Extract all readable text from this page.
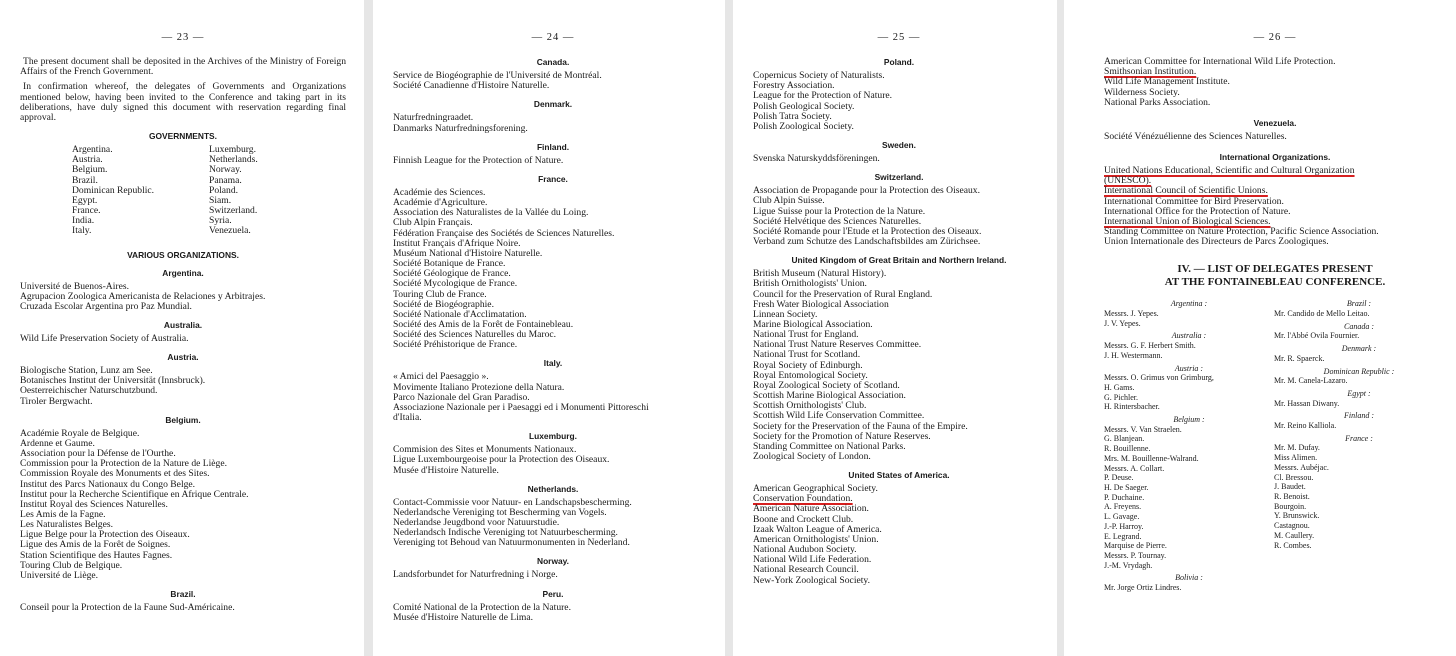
— 23 —
The present document shall be deposited in the Archives of the Ministry of Foreign Affairs of the French Government.
In confirmation whereof, the delegates of Governments and Organizations mentioned below, having been invited to the Conference and taking part in its deliberations, have duly signed this document with reservation regarding final approval.
GOVERNMENTS.
Argentina.
Austria.
Belgium.
Brazil.
Dominican Republic.
Egypt.
France.
India.
Italy.
Luxemburg.
Netherlands.
Norway.
Panama.
Poland.
Siam.
Switzerland.
Syria.
Venezuela.
VARIOUS ORGANIZATIONS.
Argentina.
Université de Buenos-Aires.
Agrupacion Zoologica Americanista de Relaciones y Arbitrajes.
Cruzada Escolar Argentina pro Paz Mundial.
Australia.
Wild Life Preservation Society of Australia.
Austria.
Biologische Station, Lunz am See.
Botanisches Institut der Universität (Innsbruck).
Oesterreichischer Naturschutzbund.
Tiroler Bergwacht.
Belgium.
Académie Royale de Belgique.
Ardenne et Gaume.
Association pour la Défense de l'Ourthe.
Commission pour la Protection de la Nature de Liège.
Commission Royale des Monuments et des Sites.
Institut des Parcs Nationaux du Congo Belge.
Institut pour la Recherche Scientifique en Afrique Centrale.
Institut Royal des Sciences Naturelles.
Les Amis de la Fagne.
Les Naturalistes Belges.
Ligue Belge pour la Protection des Oiseaux.
Ligue des Amis de la Forêt de Soignes.
Station Scientifique des Hautes Fagnes.
Touring Club de Belgique.
Université de Liège.
Brazil.
Conseil pour la Protection de la Faune Sud-Américaine.
— 24 —
Canada.
Service de Biogéographie de l'Université de Montréal.
Société Canadienne d'Histoire Naturelle.
Denmark.
Naturfredningraadet.
Danmarks Naturfredningsforening.
Finland.
Finnish League for the Protection of Nature.
France.
Académie des Sciences.
Académie d'Agriculture.
Association des Naturalistes de la Vallée du Loing.
Club Alpin Français.
Fédération Française des Sociétés de Sciences Naturelles.
Institut Français d'Afrique Noire.
Muséum National d'Histoire Naturelle.
Société Botanique de France.
Société Géologique de France.
Société Mycologique de France.
Touring Club de France.
Société de Biogéographie.
Société Nationale d'Acclimatation.
Société des Amis de la Forêt de Fontainebleau.
Société des Sciences Naturelles du Maroc.
Société Préhistorique de France.
Italy.
« Amici del Paesaggio ».
Movimente Italiano Protezione della Natura.
Parco Nazionale del Gran Paradiso.
Associazione Nazionale per i Paesaggi ed i Monumenti Pittoreschi
d'Italia.
Luxemburg.
Commision des Sites et Monuments Nationaux.
Ligue Luxembourgeoise pour la Protection des Oiseaux.
Musée d'Histoire Naturelle.
Netherlands.
Contact-Commissie voor Natuur- en Landschapsbescherming.
Nederlandsche Vereniging tot Bescherming van Vogels.
Nederlandse Jeugdbond voor Natuurstudie.
Nederlandsch Indische Vereniging tot Natuurbescherming.
Vereniging tot Behoud van Natuurmonumenten in Nederland.
Norway.
Landsforbundet for Naturfredning i Norge.
Peru.
Comité National de la Protection de la Nature.
Musée d'Histoire Naturelle de Lima.
— 25 —
Poland.
Copernicus Society of Naturalists.
Forestry Association.
League for the Protection of Nature.
Polish Geological Society.
Polish Tatra Society.
Polish Zoological Society.
Sweden.
Svenska Naturskyddsföreningen.
Switzerland.
Association de Propagande pour la Protection des Oiseaux.
Club Alpin Suisse.
Ligue Suisse pour la Protection de la Nature.
Société Helvétique des Sciences Naturelles.
Société Romande pour l'Etude et la Protection des Oiseaux.
Verband zum Schutze des Landschaftsbildes am Zürichsee.
United Kingdom of Great Britain and Northern Ireland.
British Museum (Natural History).
British Ornithologists' Union.
Council for the Preservation of Rural England.
Fresh Water Biological Association
Linnean Society.
Marine Biological Association.
National Trust for England.
National Trust Nature Reserves Committee.
National Trust for Scotland.
Royal Society of Edinburgh.
Royal Entomological Society.
Royal Zoological Society of Scotland.
Scottish Marine Biological Association.
Scottish Ornithologists' Club.
Scottish Wild Life Conservation Committee.
Society for the Preservation of the Fauna of the Empire.
Society for the Promotion of Nature Reserves.
Standing Committee on National Parks.
Zoological Society of London.
United States of America.
American Geographical Society.
Conservation Foundation.
American Nature Association.
Boone and Crockett Club.
Izaak Walton League of America.
American Ornithologists' Union.
National Audubon Society.
National Wild Life Federation.
National Research Council.
New-York Zoological Society.
— 26 —
American Committee for International Wild Life Protection.
Smithsonian Institution.
Wild Life Management Institute.
Wilderness Society.
National Parks Association.
Venezuela.
Société Vénézuélienne des Sciences Naturelles.
International Organizations.
United Nations Educational, Scientific and Cultural Organization
(UNESCO).
International Council of Scientific Unions.
International Committee for Bird Preservation.
International Office for the Protection of Nature.
International Union of Biological Sciences.
Standing Committee on Nature Protection, Pacific Science Association.
Union Internationale des Directeurs de Parcs Zoologiques.
IV. — LIST OF DELEGATES PRESENT
AT THE FONTAINEBLEAU CONFERENCE.
Argentina :
Messrs. J. Yepes.
J. V. Yepes.
Australia :
Messrs. G. F. Herbert Smith.
J. H. Westermann.
Austria :
Messrs. O. Grimus von Grimburg,
H. Gams.
G. Pichler.
H. Rintersbacher.
Belgium :
Messrs. V. Van Straelen.
G. Blanjean.
R. Bouillenne.
Mrs. M. Bouillenne-Walrand.
Messrs. A. Collart.
P. Deuse.
H. De Saeger.
P. Duchaine.
A. Freyens.
L. Gavage.
J.-P. Harroy.
E. Legrand.
Marquise de Pierre.
Messrs. P. Tournay.
J.-M. Vrydagh.
Bolivia :
Mr. Jorge Ortiz Lindres.
Brazil :
Mr. Candido de Mello Leitao.
Canada :
Mr. l'Abbé Ovila Fournier.
Denmark :
Mr. R. Spaerck.
Dominican Republic :
Mr. M. Canela-Lazaro.
Egypt :
Mr. Hassan Diwany.
Finland :
Mr. Reino Kalliola.
France :
Mr. M. Dufay.
Miss Alimen.
Messrs. Aubéjac.
Cl. Bressou.
J. Baudet.
R. Benoist.
Bourgoin.
Y. Brunswick.
Castagnou.
M. Caullery.
R. Combes.
